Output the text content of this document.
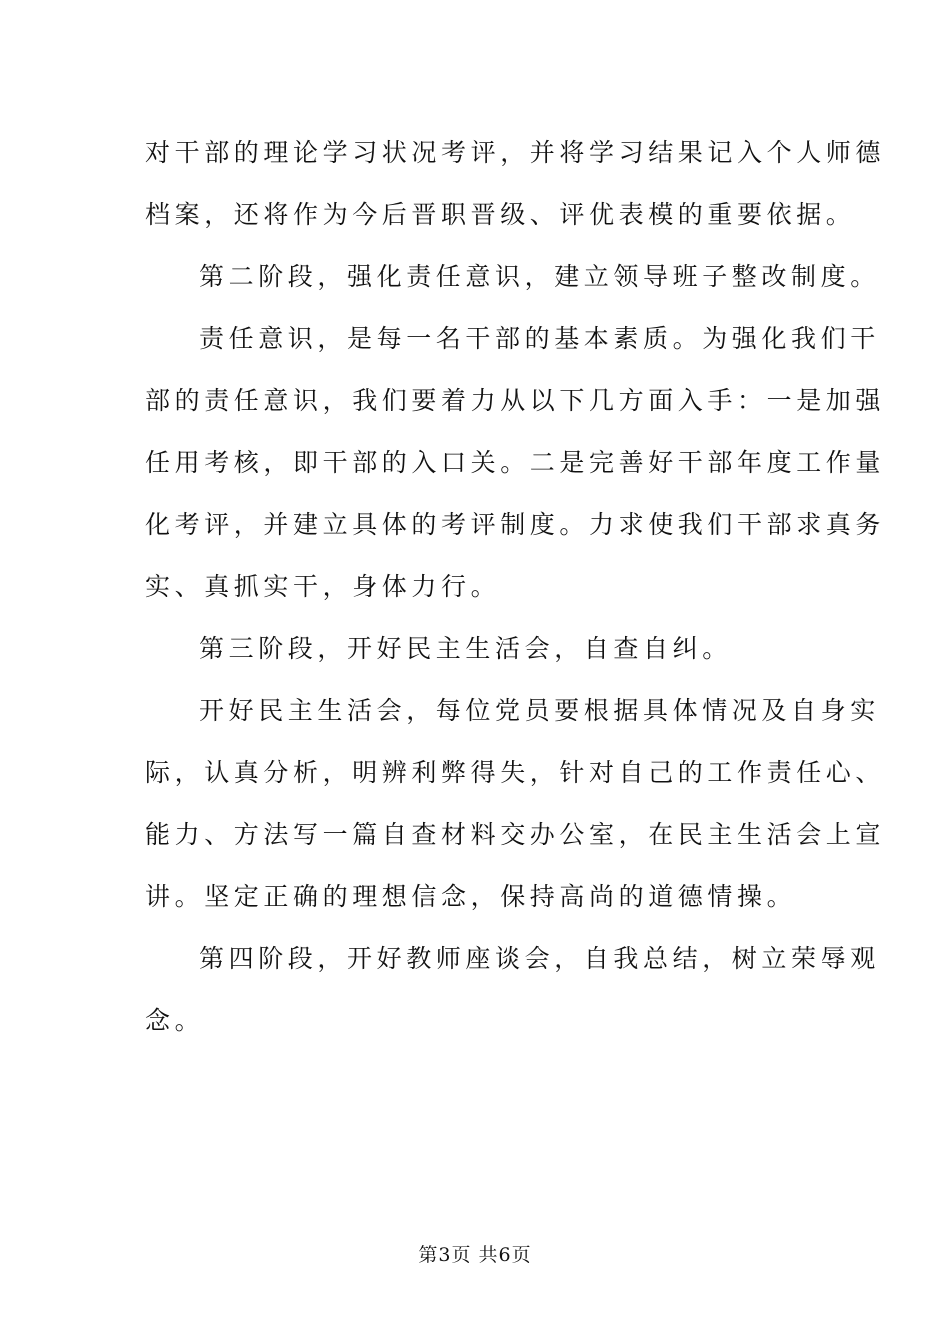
对干部的理论学习状况考评，并将学习结果记入个人师德
档案，还将作为今后晋职晋级、评优表模的重要依据。
第二阶段，强化责任意识，建立领导班子整改制度。
责任意识，是每一名干部的基本素质。为强化我们干
部的责任意识，我们要着力从以下几方面入手：一是加强
任用考核，即干部的入口关。二是完善好干部年度工作量
化考评，并建立具体的考评制度。力求使我们干部求真务
实、真抓实干，身体力行。
第三阶段，开好民主生活会，自查自纠。
开好民主生活会，每位党员要根据具体情况及自身实
际，认真分析，明辨利弊得失，针对自己的工作责任心、
能力、方法写一篇自查材料交办公室，在民主生活会上宣
讲。坚定正确的理想信念，保持高尚的道德情操。
第四阶段，开好教师座谈会，自我总结，树立荣辱观
念。
第3页 共6页
